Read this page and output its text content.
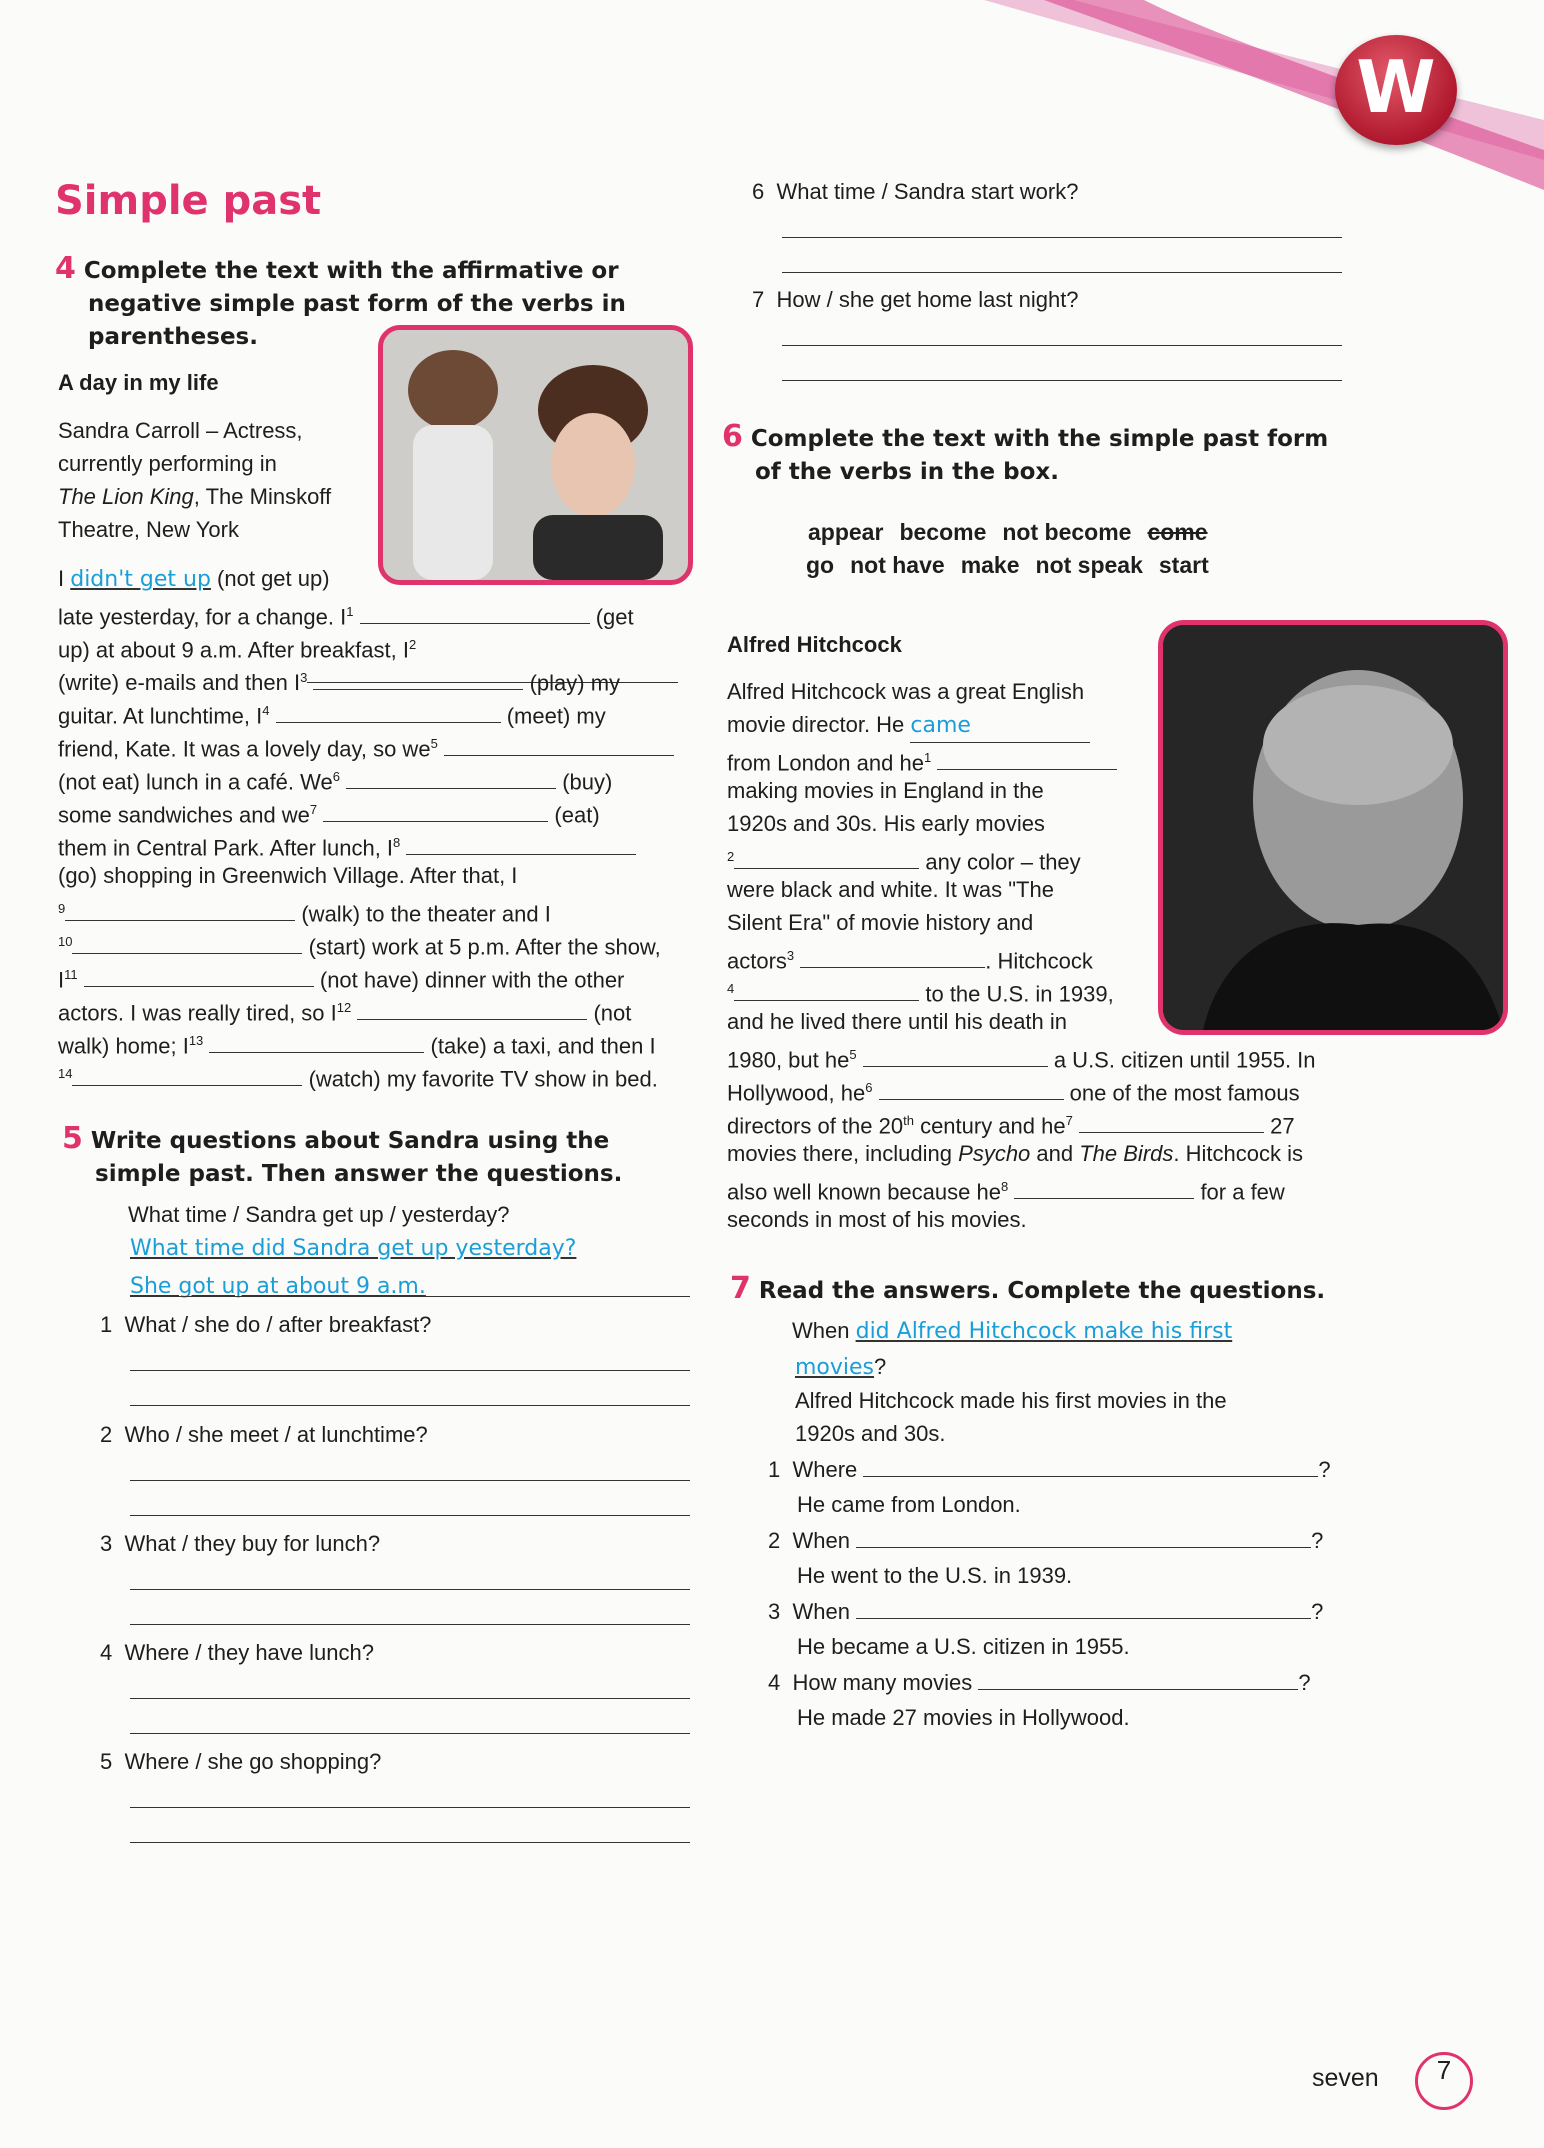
W
Simple past
4 Complete the text with the affirmative or
negative simple past form of the verbs in
parentheses.
A day in my life
Sandra Carroll – Actress,
currently performing in
The Lion King, The Minskoff
Theatre, New York
I didn't get up (not get up)
late yesterday, for a change. $I^1$	(get
up) at about 9 a.m. After breakfast, $I^2$
(write) e-mails and then $I^3$	(play) my
guitar. At lunchtime, $I^4$	(meet) my
friend, Kate. It was a lovely day, so $we^5$
(not eat) lunch in a café. We$^6$	(buy)
some sandwiches and $we^7$	(eat)
them in Central Park. After lunch, $I^8$
(go) shopping in Greenwich Village. After that, I
$^9$	(walk) to the theater and I
$^{10}$	(start) work at 5 p.m. After the show,
$I^{11}$	(not have) dinner with the other
actors. I was really tired, so $I^{12}$	(not
walk) home; $I^{13}$	(take) a taxi, and then I
$^{14}$	(watch) my favorite TV show in bed.
5 Write questions about Sandra using the
simple past. Then answer the questions.
What time / Sandra get up / yesterday?
What time did Sandra get up yesterday?
She got up at about 9 a.m.
1 What / she do / after breakfast?
2 Who / she meet / at lunchtime?
3 What / they buy for lunch?
4 Where / they have lunch?
5 Where / she go shopping?
6 What time / Sandra start work?
7 How / she get home last night?
6 Complete the text with the simple past form
of the verbs in the box.
appear become not become come
go not have make not speak start
Alfred Hitchcock
Alfred Hitchcock was a great English
movie director. He came
from London and $he^1$
making movies in England in the
1920s and 30s. His early movies
$^2$	any color – they
were black and white. It was "The
Silent Era" of movie history and
actors$^3$	. Hitchcock
$^4$	to the U.S. in 1939,
and he lived there until his death in
1980, but $he^5$	a U.S. citizen until 1955. In
Hollywood, $he^6$	one of the most famous
directors of the 20th century and $he^7$	27
movies there, including Psycho and The Birds. Hitchcock is
also well known because $he^8$	for a few
seconds in most of his movies.
7 Read the answers. Complete the questions.
When did Alfred Hitchcock make his first
movies?
Alfred Hitchcock made his first movies in the
1920s and 30s.
1 Where	?
He came from London.
2 When	?
He went to the U.S. in 1939.
3 When	?
He became a U.S. citizen in 1955.
4 How many movies	?
He made 27 movies in Hollywood.
seven	7
